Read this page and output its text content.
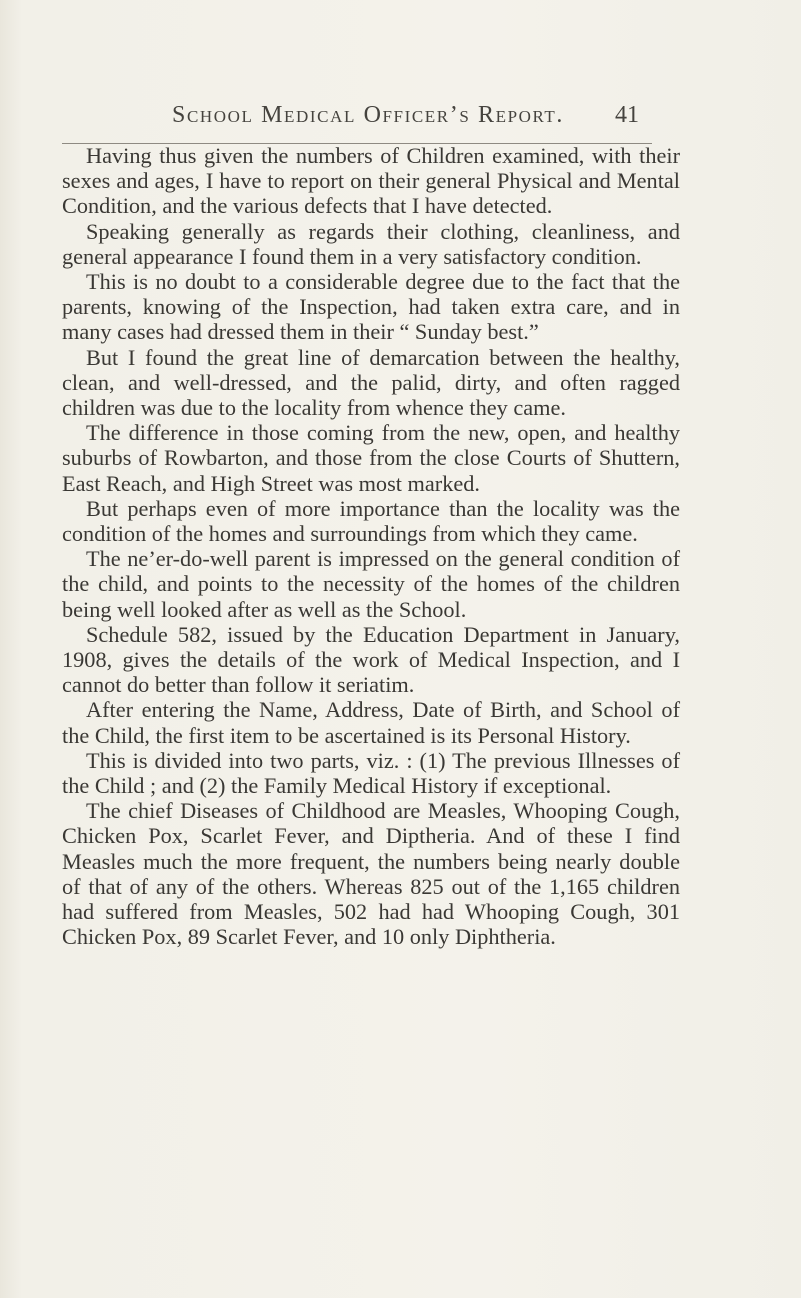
School Medical Officer’s Report. 41

Having thus given the numbers of Children examined, with their sexes and ages, I have to report on their general Physical and Mental Condition, and the various defects that I have detected.

Speaking generally as regards their clothing, cleanliness, and general appearance I found them in a very satisfactory condition.

This is no doubt to a considerable degree due to the fact that the parents, knowing of the Inspection, had taken extra care, and in many cases had dressed them in their “ Sunday best.”

But I found the great line of demarcation between the healthy, clean, and well-dressed, and the palid, dirty, and often ragged children was due to the locality from whence they came.

The difference in those coming from the new, open, and healthy suburbs of Rowbarton, and those from the close Courts of Shuttern, East Reach, and High Street was most marked.

But perhaps even of more importance than the locality was the condition of the homes and surroundings from which they came.

The ne’er-do-well parent is impressed on the general condition of the child, and points to the necessity of the homes of the children being well looked after as well as the School.

Schedule 582, issued by the Education Department in January, 1908, gives the details of the work of Medical Inspection, and I cannot do better than follow it seriatim.

After entering the Name, Address, Date of Birth, and School of the Child, the first item to be ascertained is its Personal History.

This is divided into two parts, viz. : (1) The previous Illnesses of the Child ; and (2) the Family Medical History if exceptional.

The chief Diseases of Childhood are Measles, Whooping Cough, Chicken Pox, Scarlet Fever, and Diptheria. And of these I find Measles much the more frequent, the numbers being nearly double of that of any of the others. Whereas 825 out of the 1,165 children had suffered from Measles, 502 had had Whooping Cough, 301 Chicken Pox, 89 Scarlet Fever, and 10 only Diphtheria.
